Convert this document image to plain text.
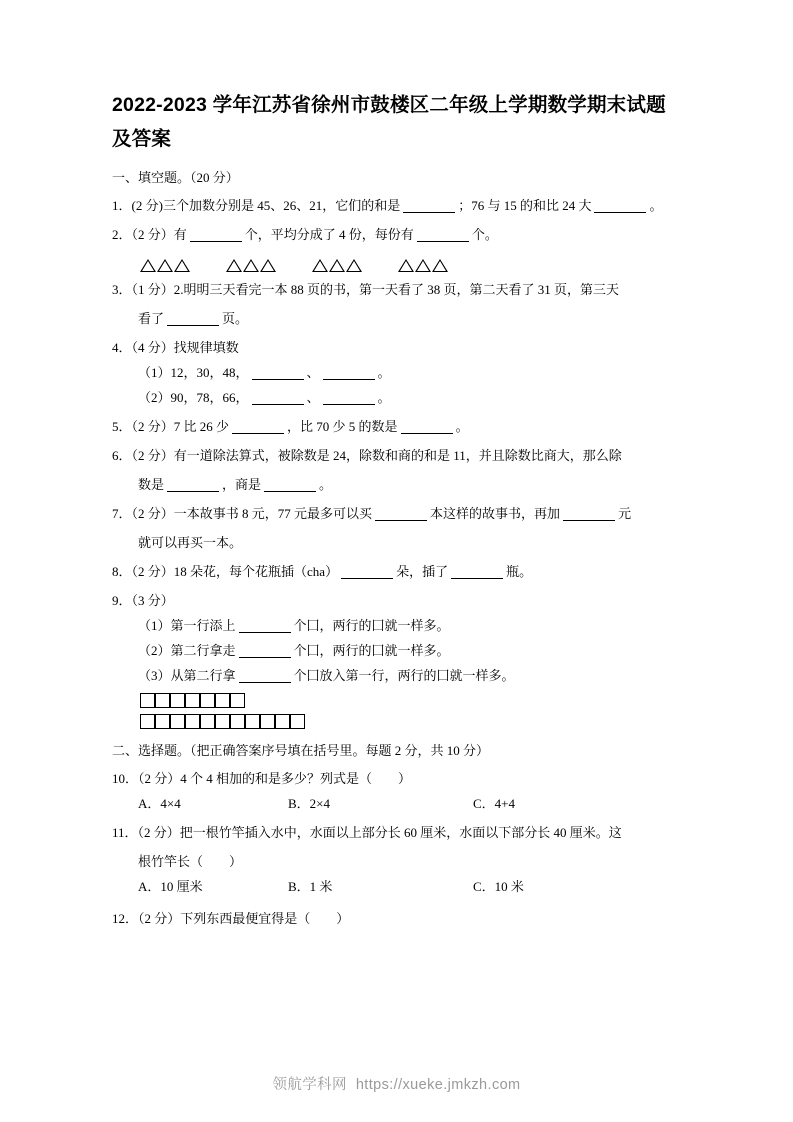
2022-2023 学年江苏省徐州市鼓楼区二年级上学期数学期末试题及答案
一、填空题。（20 分）
1．(2 分)三个加数分别是 45、26、21，它们的和是	；76 与 15 的和比 24 大	。
2．（2 分）有	个，平均分成了 4 份，每份有	个。
3．（1 分）2.明明三天看完一本 88 页的书，第一天看了 38 页，第二天看了 31 页，第三天
看了	页。
4．（4 分）找规律填数
（1）12，30，48，	、	。
（2）90，78，66，	、	。
5．（2 分）7 比 26 少	，比 70 少 5 的数是	。
6．（2 分）有一道除法算式，被除数是 24，除数和商的和是 11，并且除数比商大，那么除
数是	，商是	。
7．（2 分）一本故事书 8 元，77 元最多可以买	本这样的故事书，再加	元
就可以再买一本。
8．（2 分）18 朵花，每个花瓶插（cha）	朵，插了	瓶。
9．（3 分）
（1）第一行添上	个囗，两行的囗就一样多。
（2）第二行拿走	个囗，两行的囗就一样多。
（3）从第二行拿	个囗放入第一行，两行的囗就一样多。
二、选择题。（把正确答案序号填在括号里。每题 2 分，共 10 分）
10．（2 分）4 个 4 相加的和是多少？列式是（ ）
A．4×4	B．2×4	C．4+4
11．（2 分）把一根竹竿插入水中，水面以上部分长 60 厘米，水面以下部分长 40 厘米。这
根竹竿长（ ）
A．10 厘米	B．1 米	C．10 米
12．（2 分）下列东西最便宜得是（ ）
领航学科网 https://xueke.jmkzh.com
